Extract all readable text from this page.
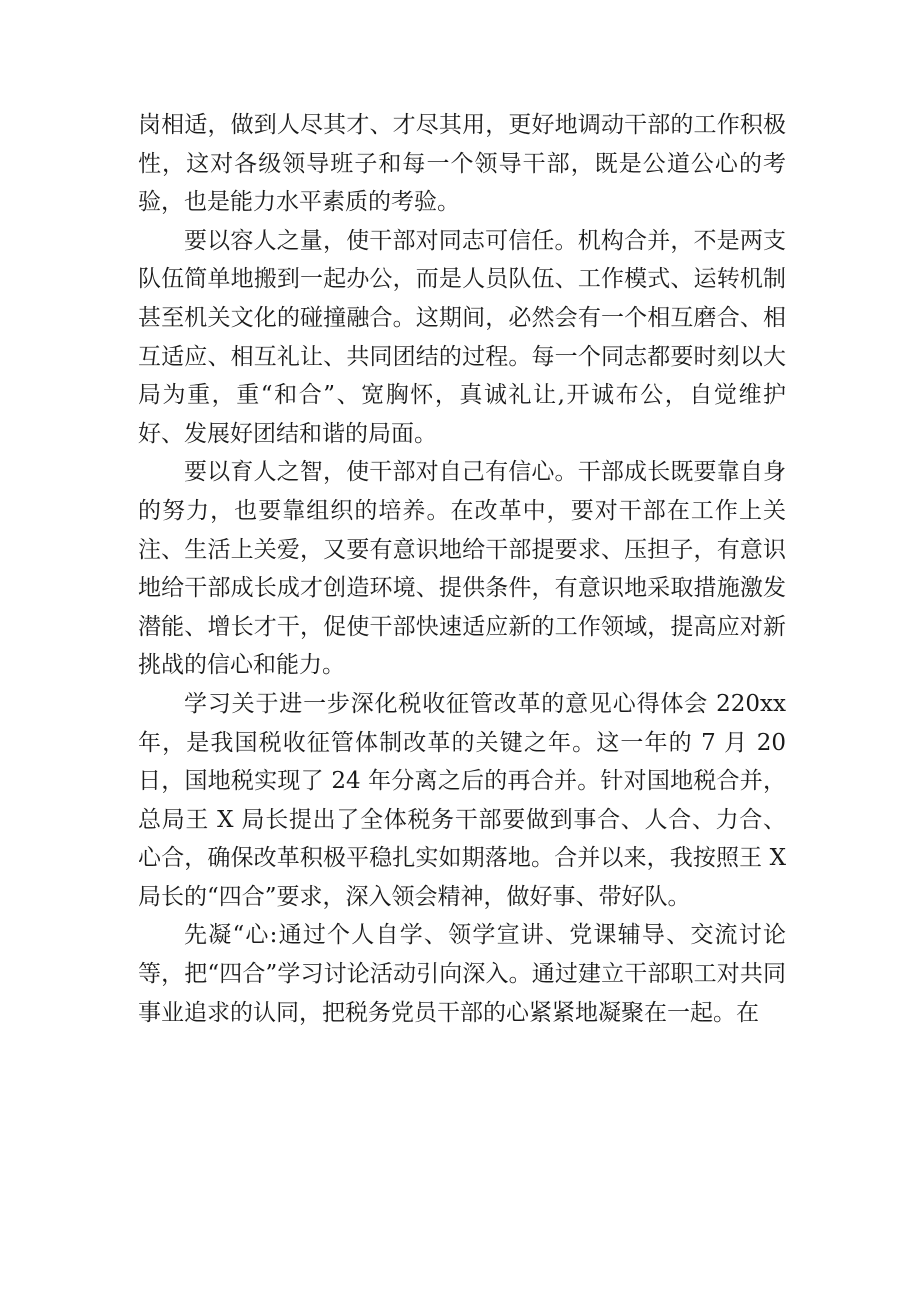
岗相适，做到人尽其才、才尽其用，更好地调动干部的工作积极性，这对各级领导班子和每一个领导干部，既是公道公心的考验，也是能力水平素质的考验。

要以容人之量，使干部对同志可信任。机构合并，不是两支队伍简单地搬到一起办公，而是人员队伍、工作模式、运转机制甚至机关文化的碰撞融合。这期间，必然会有一个相互磨合、相互适应、相互礼让、共同团结的过程。每一个同志都要时刻以大局为重，重“和合”、宽胸怀，真诚礼让,开诚布公，自觉维护好、发展好团结和谐的局面。

要以育人之智，使干部对自己有信心。干部成长既要靠自身的努力，也要靠组织的培养。在改革中，要对干部在工作上关注、生活上关爱，又要有意识地给干部提要求、压担子，有意识地给干部成长成才创造环境、提供条件，有意识地采取措施激发潜能、增长才干，促使干部快速适应新的工作领域，提高应对新挑战的信心和能力。

学习关于进一步深化税收征管改革的意见心得体会 220xx年，是我国税收征管体制改革的关键之年。这一年的 7 月 20 日，国地税实现了 24 年分离之后的再合并。针对国地税合并，总局王 X 局长提出了全体税务干部要做到事合、人合、力合、心合，确保改革积极平稳扎实如期落地。合并以来，我按照王 X 局长的“四合”要求，深入领会精神，做好事、带好队。

先凝“心:通过个人自学、领学宣讲、党课辅导、交流讨论等，把“四合”学习讨论活动引向深入。通过建立干部职工对共同事业追求的认同，把税务党员干部的心紧紧地凝聚在一起。在
